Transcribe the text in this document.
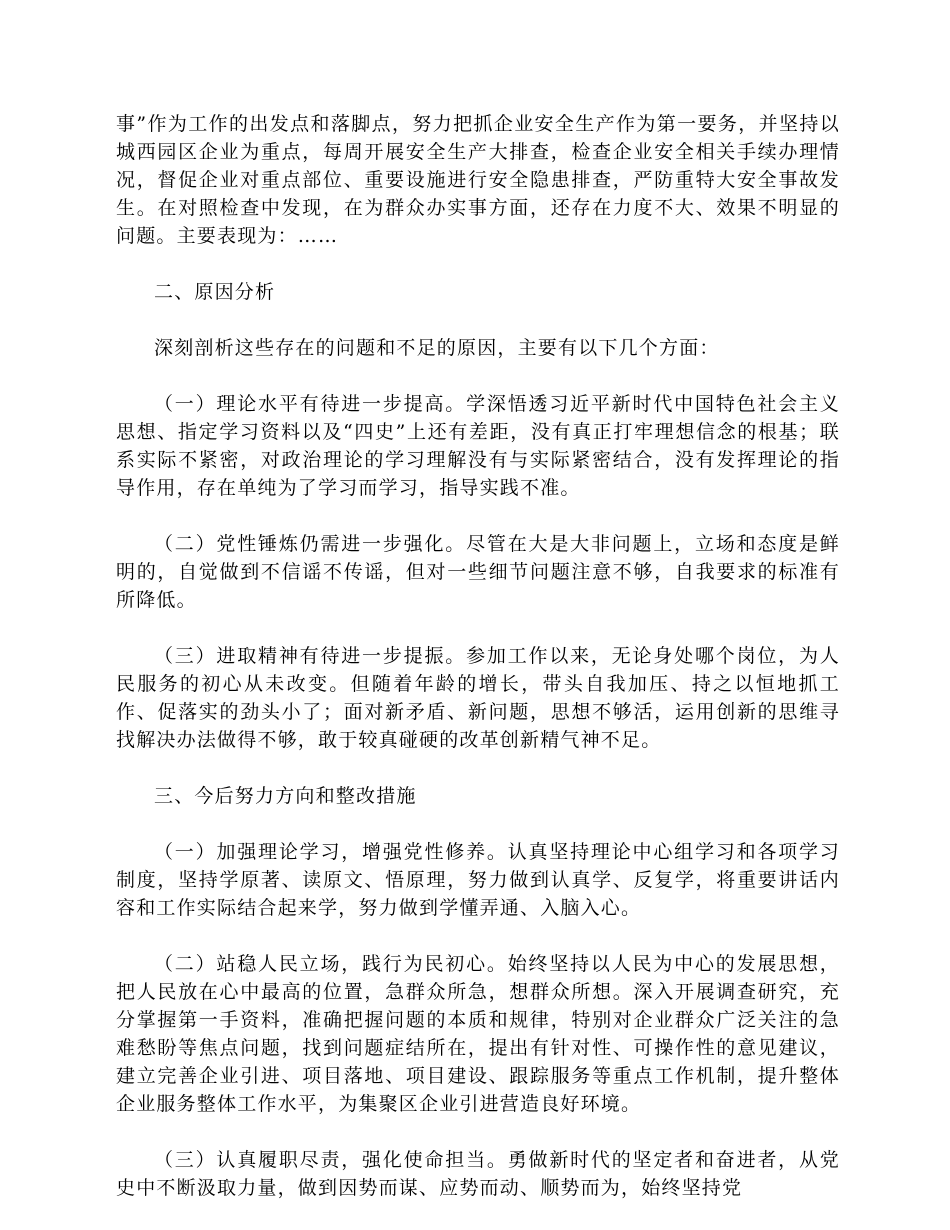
事”作为工作的出发点和落脚点，努力把抓企业安全生产作为第一要务，并坚持以城西园区企业为重点，每周开展安全生产大排查，检查企业安全相关手续办理情况，督促企业对重点部位、重要设施进行安全隐患排查，严防重特大安全事故发生。在对照检查中发现，在为群众办实事方面，还存在力度不大、效果不明显的问题。主要表现为：……

二、原因分析

深刻剖析这些存在的问题和不足的原因，主要有以下几个方面：

（一）理论水平有待进一步提高。学深悟透习近平新时代中国特色社会主义思想、指定学习资料以及“四史”上还有差距，没有真正打牢理想信念的根基；联系实际不紧密，对政治理论的学习理解没有与实际紧密结合，没有发挥理论的指导作用，存在单纯为了学习而学习，指导实践不准。

（二）党性锤炼仍需进一步强化。尽管在大是大非问题上，立场和态度是鲜明的，自觉做到不信谣不传谣，但对一些细节问题注意不够，自我要求的标准有所降低。

（三）进取精神有待进一步提振。参加工作以来，无论身处哪个岗位，为人民服务的初心从未改变。但随着年龄的增长，带头自我加压、持之以恒地抓工作、促落实的劲头小了；面对新矛盾、新问题，思想不够活，运用创新的思维寻找解决办法做得不够，敢于较真碰硬的改革创新精气神不足。

三、今后努力方向和整改措施

（一）加强理论学习，增强党性修养。认真坚持理论中心组学习和各项学习制度，坚持学原著、读原文、悟原理，努力做到认真学、反复学，将重要讲话内容和工作实际结合起来学，努力做到学懂弄通、入脑入心。

（二）站稳人民立场，践行为民初心。始终坚持以人民为中心的发展思想，把人民放在心中最高的位置，急群众所急，想群众所想。深入开展调查研究，充分掌握第一手资料，准确把握问题的本质和规律，特别对企业群众广泛关注的急难愁盼等焦点问题，找到问题症结所在，提出有针对性、可操作性的意见建议，建立完善企业引进、项目落地、项目建设、跟踪服务等重点工作机制，提升整体企业服务整体工作水平，为集聚区企业引进营造良好环境。

（三）认真履职尽责，强化使命担当。勇做新时代的坚定者和奋进者，从党史中不断汲取力量，做到因势而谋、应势而动、顺势而为，始终坚持党
